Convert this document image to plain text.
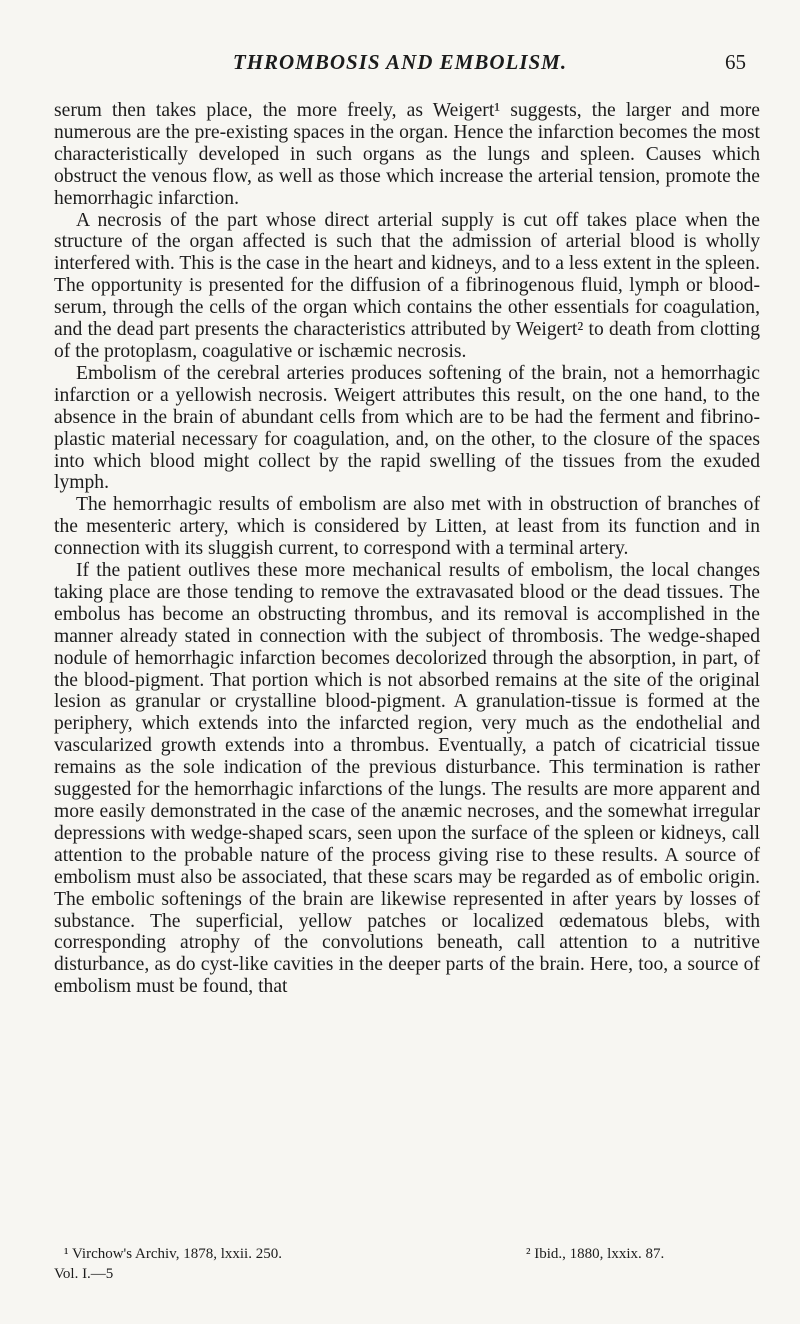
THROMBOSIS AND EMBOLISM.	65

serum then takes place, the more freely, as Weigert¹ suggests, the larger and more numerous are the pre-existing spaces in the organ. Hence the infarction becomes the most characteristically developed in such organs as the lungs and spleen. Causes which obstruct the venous flow, as well as those which increase the arterial tension, promote the hemorrhagic infarction.

A necrosis of the part whose direct arterial supply is cut off takes place when the structure of the organ affected is such that the admission of arterial blood is wholly interfered with. This is the case in the heart and kidneys, and to a less extent in the spleen. The opportunity is presented for the diffusion of a fibrinogenous fluid, lymph or blood-serum, through the cells of the organ which contains the other essentials for coagulation, and the dead part presents the characteristics attributed by Weigert² to death from clotting of the protoplasm, coagulative or ischæmic necrosis.

Embolism of the cerebral arteries produces softening of the brain, not a hemorrhagic infarction or a yellowish necrosis. Weigert attributes this result, on the one hand, to the absence in the brain of abundant cells from which are to be had the ferment and fibrino-plastic material necessary for coagulation, and, on the other, to the closure of the spaces into which blood might collect by the rapid swelling of the tissues from the exuded lymph.

The hemorrhagic results of embolism are also met with in obstruction of branches of the mesenteric artery, which is considered by Litten, at least from its function and in connection with its sluggish current, to correspond with a terminal artery.

If the patient outlives these more mechanical results of embolism, the local changes taking place are those tending to remove the extravasated blood or the dead tissues. The embolus has become an obstructing thrombus, and its removal is accomplished in the manner already stated in connection with the subject of thrombosis. The wedge-shaped nodule of hemorrhagic infarction becomes decolorized through the absorption, in part, of the blood-pigment. That portion which is not absorbed remains at the site of the original lesion as granular or crystalline blood-pigment. A granulation-tissue is formed at the periphery, which extends into the infarcted region, very much as the endothelial and vascularized growth extends into a thrombus. Eventually, a patch of cicatricial tissue remains as the sole indication of the previous disturbance. This termination is rather suggested for the hemorrhagic infarctions of the lungs. The results are more apparent and more easily demonstrated in the case of the anæmic necroses, and the somewhat irregular depressions with wedge-shaped scars, seen upon the surface of the spleen or kidneys, call attention to the probable nature of the process giving rise to these results. A source of embolism must also be associated, that these scars may be regarded as of embolic origin. The embolic softenings of the brain are likewise represented in after years by losses of substance. The superficial, yellow patches or localized œdematous blebs, with corresponding atrophy of the convolutions beneath, call attention to a nutritive disturbance, as do cyst-like cavities in the deeper parts of the brain. Here, too, a source of embolism must be found, that

¹ Virchow's Archiv, 1878, lxxii. 250.	² Ibid., 1880, lxxix. 87.
Vol. I.—5
